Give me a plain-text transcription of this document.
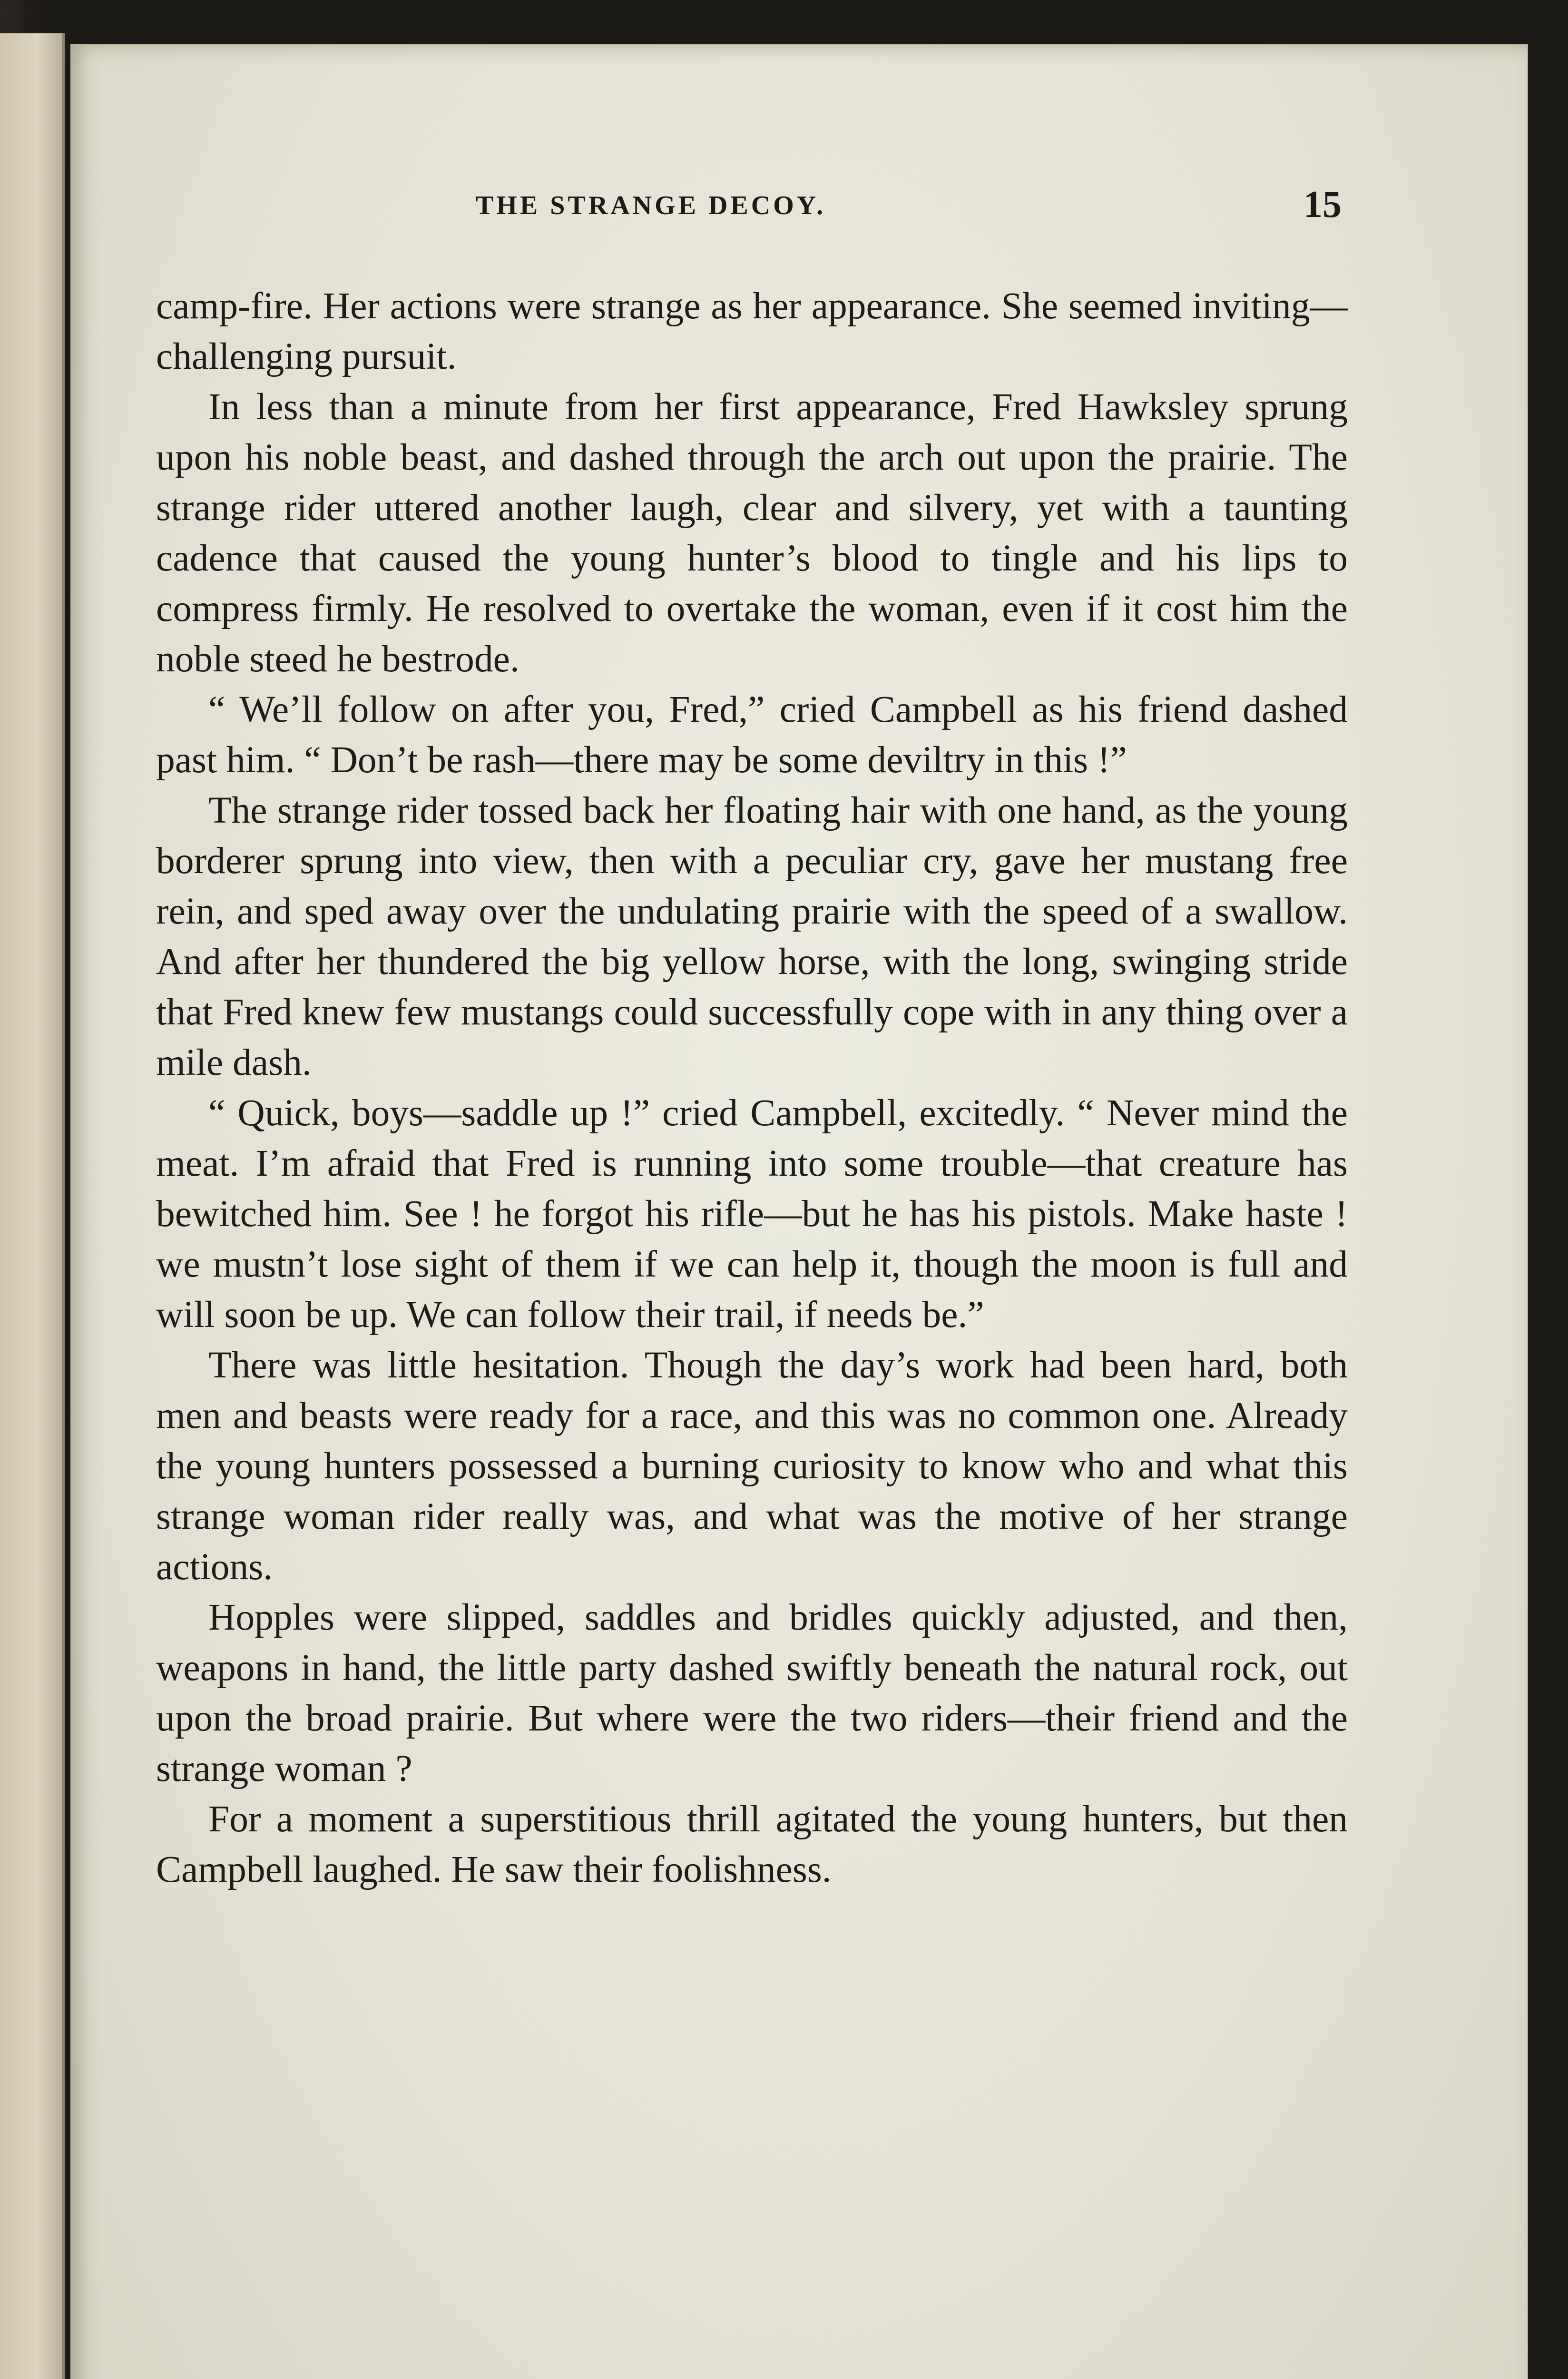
THE STRANGE DECOY.	15

camp-fire. Her actions were strange as her appearance. She seemed inviting—challenging pursuit.

In less than a minute from her first appearance, Fred Hawksley sprung upon his noble beast, and dashed through the arch out upon the prairie. The strange rider uttered another laugh, clear and silvery, yet with a taunting cadence that caused the young hunter’s blood to tingle and his lips to compress firmly. He resolved to overtake the woman, even if it cost him the noble steed he bestrode.

“ We’ll follow on after you, Fred,” cried Campbell as his friend dashed past him. “ Don’t be rash—there may be some deviltry in this !”

The strange rider tossed back her floating hair with one hand, as the young borderer sprung into view, then with a peculiar cry, gave her mustang free rein, and sped away over the undulating prairie with the speed of a swallow. And after her thundered the big yellow horse, with the long, swinging stride that Fred knew few mustangs could successfully cope with in any thing over a mile dash.

“ Quick, boys—saddle up !” cried Campbell, excitedly. “ Never mind the meat. I’m afraid that Fred is running into some trouble—that creature has bewitched him. See ! he forgot his rifle—but he has his pistols. Make haste ! we mustn’t lose sight of them if we can help it, though the moon is full and will soon be up. We can follow their trail, if needs be.”

There was little hesitation. Though the day’s work had been hard, both men and beasts were ready for a race, and this was no common one. Already the young hunters possessed a burning curiosity to know who and what this strange woman rider really was, and what was the motive of her strange actions.

Hopples were slipped, saddles and bridles quickly adjusted, and then, weapons in hand, the little party dashed swiftly beneath the natural rock, out upon the broad prairie. But where were the two riders—their friend and the strange woman ?

For a moment a superstitious thrill agitated the young hunters, but then Campbell laughed. He saw their foolishness.
